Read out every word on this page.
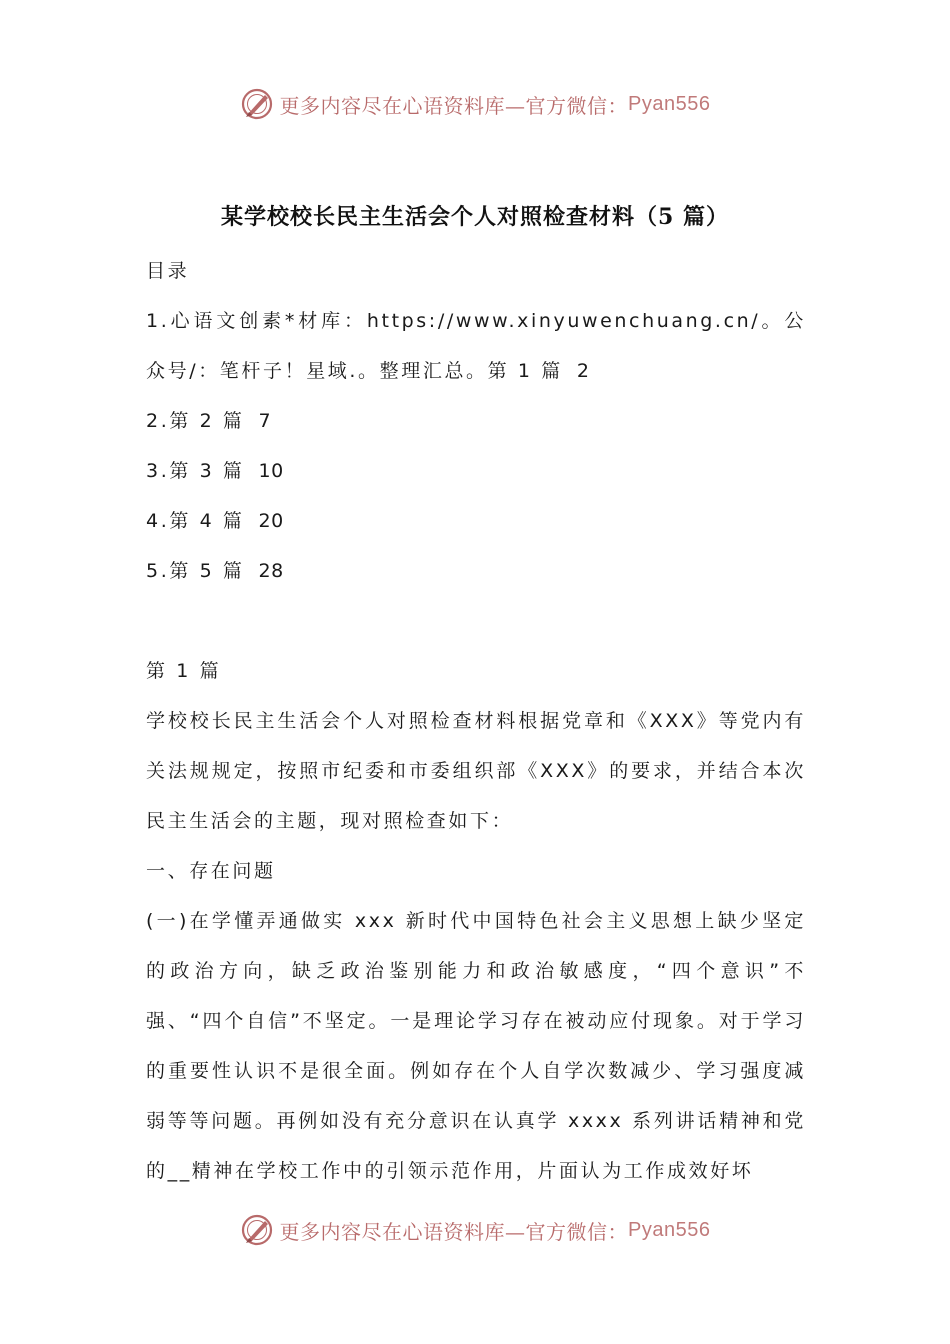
更多内容尽在心语资料库—官方微信： Pyan556
某学校校长民主生活会个人对照检查材料（5 篇）

目录

1.心语文创素*材库：https://www.xinyuwenchuang.cn/。公众号/：笔杆子！星域.。整理汇总。第 1 篇 2

2.第 2 篇 7

3.第 3 篇 10

4.第 4 篇 20

5.第 5 篇 28

第 1 篇

学校校长民主生活会个人对照检查材料根据党章和《XXX》等党内有关法规规定，按照市纪委和市委组织部《XXX》的要求，并结合本次民主生活会的主题，现对照检查如下：

一、存在问题

(一)在学懂弄通做实 xxx 新时代中国特色社会主义思想上缺少坚定的政治方向，缺乏政治鉴别能力和政治敏感度，“四个意识”不强、“四个自信”不坚定。一是理论学习存在被动应付现象。对于学习的重要性认识不是很全面。例如存在个人自学次数减少、学习强度减弱等等问题。再例如没有充分意识在认真学 xxxx 系列讲话精神和党的__精神在学校工作中的引领示范作用，片面认为工作成效好坏

更多内容尽在心语资料库—官方微信： Pyan556
